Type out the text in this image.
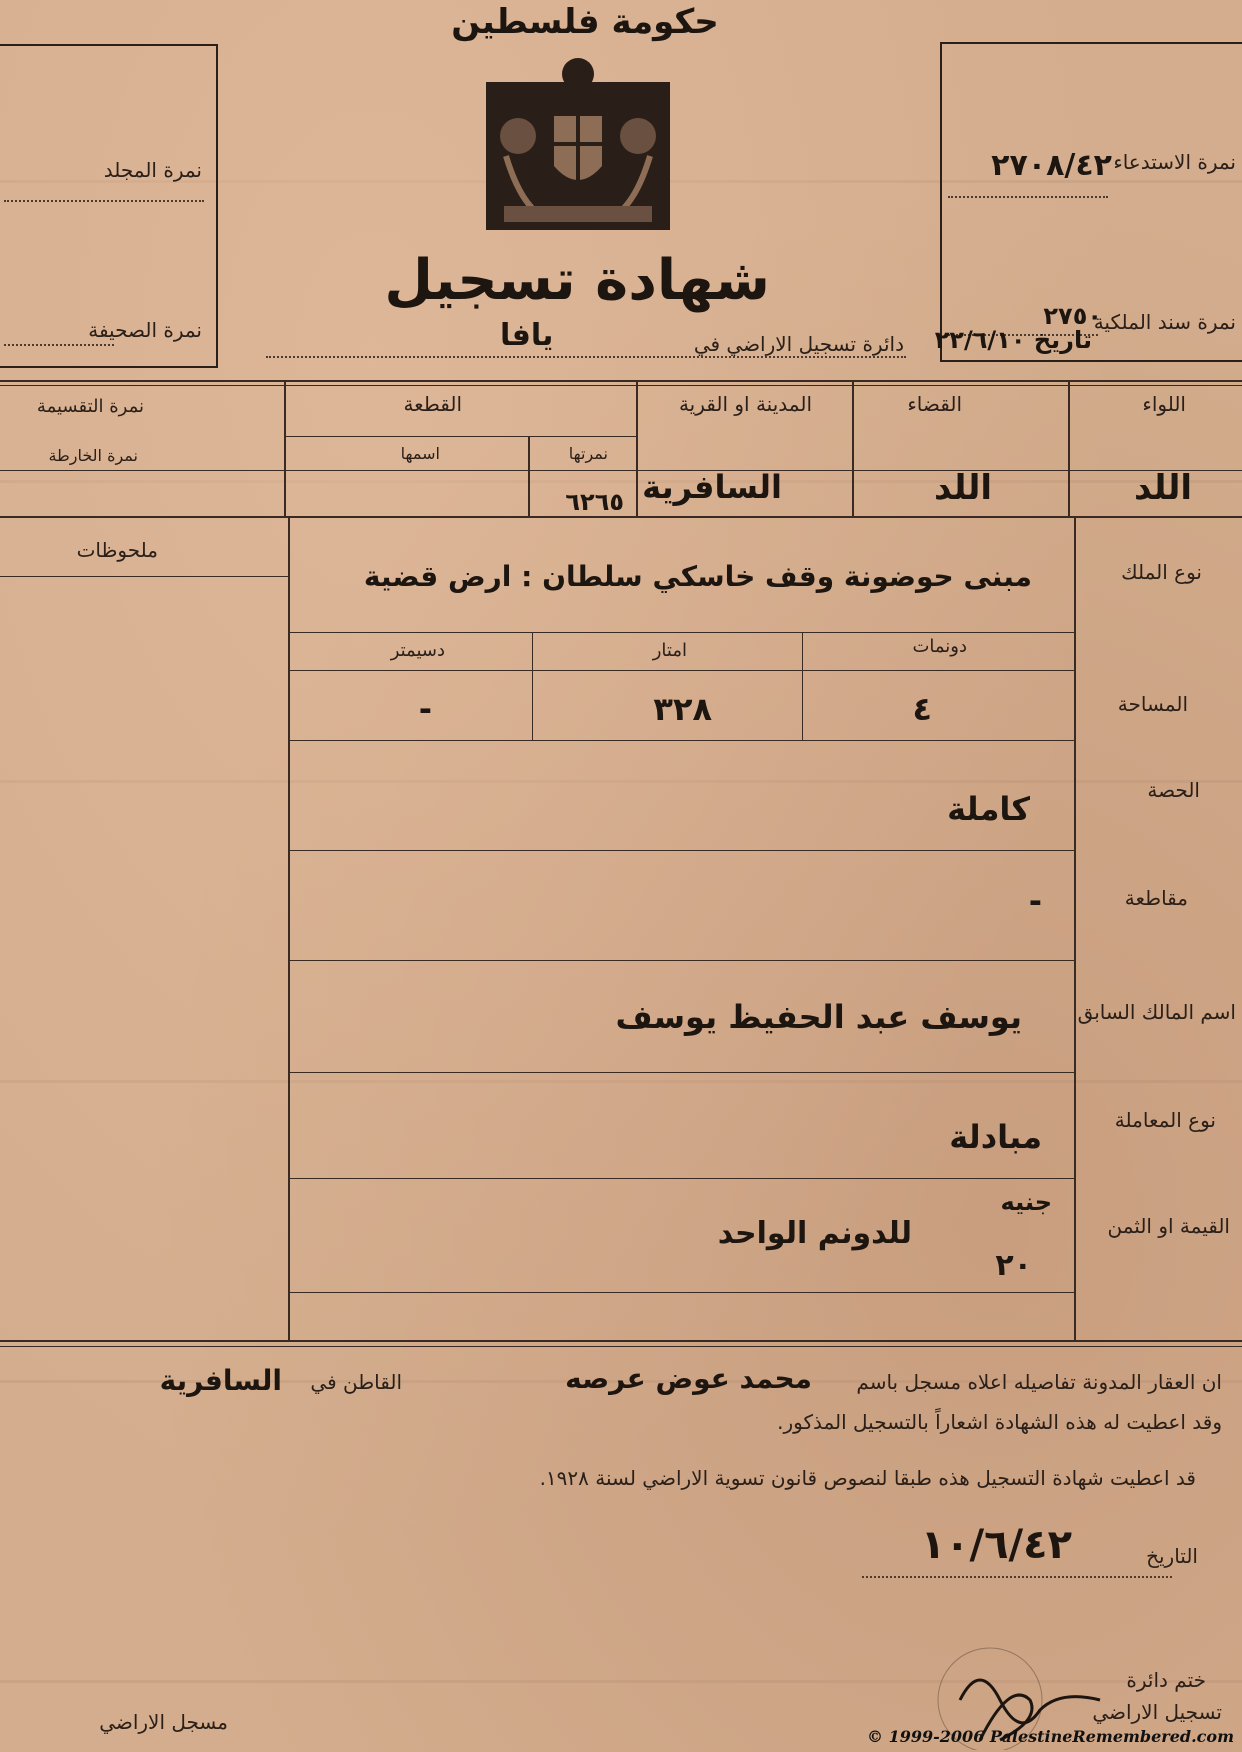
حكومة فلسطين
شهادة تسجيل
دائرة تسجيل الاراضي في
يافا
نمرة المجلد
نمرة الصحيفة
نمرة الاستدعاء
٢٧٠٨/٤٢
نمرة سند الملكية
٢٧٥٠
تاريخ ٢٢/٦/١٠
اللواء
القضاء
المدينة او القرية
القطعة
نمرتها
اسمها
نمرة التقسيمة
نمرة الخارطة
اللد
اللد
السافرية
٦٢٦٥
ملحوظات
نوع الملك
مبنى حوضونة وقف خاسكي سلطان : ارض قضية
المساحة
دونمات
امتار
دسيمتر
٤
٣٢٨
-
الحصة
كاملة
مقاطعة
-
اسم المالك السابق
يوسف عبد الحفيظ يوسف
نوع المعاملة
مبادلة
القيمة او الثمن
جنيه
٢٠
للدونم الواحد
ان العقار المدونة تفاصيله اعلاه مسجل باسم
محمد عوض عرصه
القاطن في
السافرية
وقد اعطيت له هذه الشهادة اشعاراً بالتسجيل المذكور.
قد اعطيت شهادة التسجيل هذه طبقا لنصوص قانون تسوية الاراضي لسنة ١٩٢٨.
التاريخ
١٠/٦/٤٢
ختم دائرة
تسجيل الاراضي
مسجل الاراضي
© 1999-2006 PalestineRemembered.com
